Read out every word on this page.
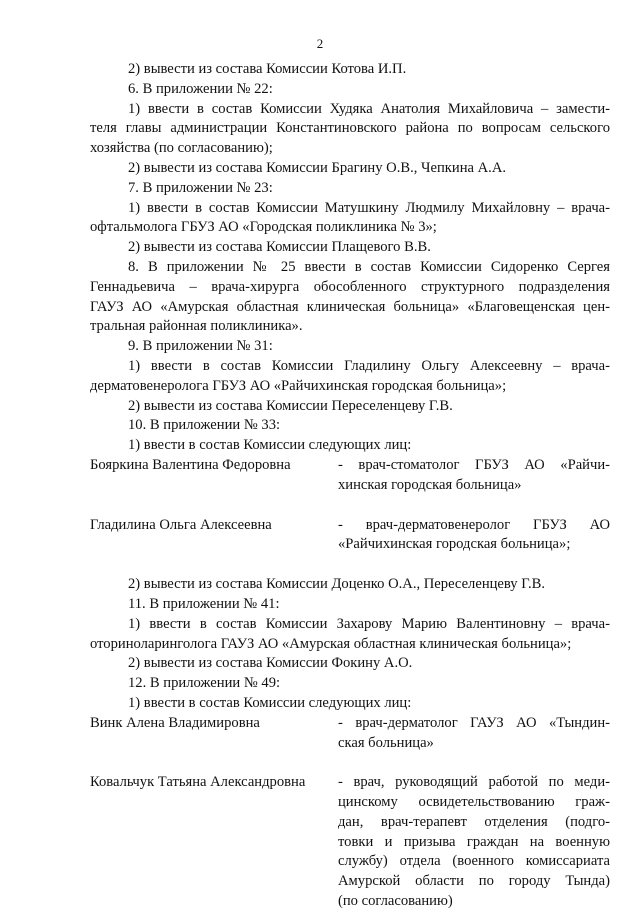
2
2) вывести из состава Комиссии Котова И.П.
6. В приложении № 22:
1) ввести в состав Комиссии Худяка Анатолия Михайловича – замести-
теля главы администрации Константиновского района по вопросам сельского
хозяйства (по согласованию);
2) вывести из состава Комиссии Брагину О.В., Чепкина А.А.
7. В приложении № 23:
1) ввести в состав Комиссии Матушкину Людмилу Михайловну – врача-
офтальмолога ГБУЗ АО «Городская поликлиника № 3»;
2) вывести из состава Комиссии Плащевого В.В.
8. В приложении № 25 ввести в состав Комиссии Сидоренко Сергея
Геннадьевича – врача-хирурга обособленного структурного подразделения
ГАУЗ АО «Амурская областная клиническая больница» «Благовещенская цен-
тральная районная поликлиника».
9. В приложении № 31:
1) ввести в состав Комиссии Гладилину Ольгу Алексеевну – врача-
дерматовенеролога ГБУЗ АО «Райчихинская городская больница»;
2) вывести из состава Комиссии Переселенцеву Г.В.
10. В приложении № 33:
1) ввести в состав Комиссии следующих лиц:
Бояркина Валентина Федоровна	- врач-стоматолог ГБУЗ АО «Райчи-
хинская городская больница»
Гладилина Ольга Алексеевна	- врач-дерматовенеролог ГБУЗ АО
«Райчихинская городская больница»;
2) вывести из состава Комиссии Доценко О.А., Переселенцеву Г.В.
11. В приложении № 41:
1) ввести в состав Комиссии Захарову Марию Валентиновну – врача-
оториноларинголога ГАУЗ АО «Амурская областная клиническая больница»;
2) вывести из состава Комиссии Фокину А.О.
12. В приложении № 49:
1) ввести в состав Комиссии следующих лиц:
Винк Алена Владимировна	- врач-дерматолог ГАУЗ АО «Тындин-
ская больница»
Ковальчук Татьяна Александровна	- врач, руководящий работой по меди-
цинскому освидетельствованию граж-
дан, врач-терапевт отделения (подго-
товки и призыва граждан на военную
службу) отдела (военного комиссариата
Амурской области по городу Тында)
(по согласованию)
